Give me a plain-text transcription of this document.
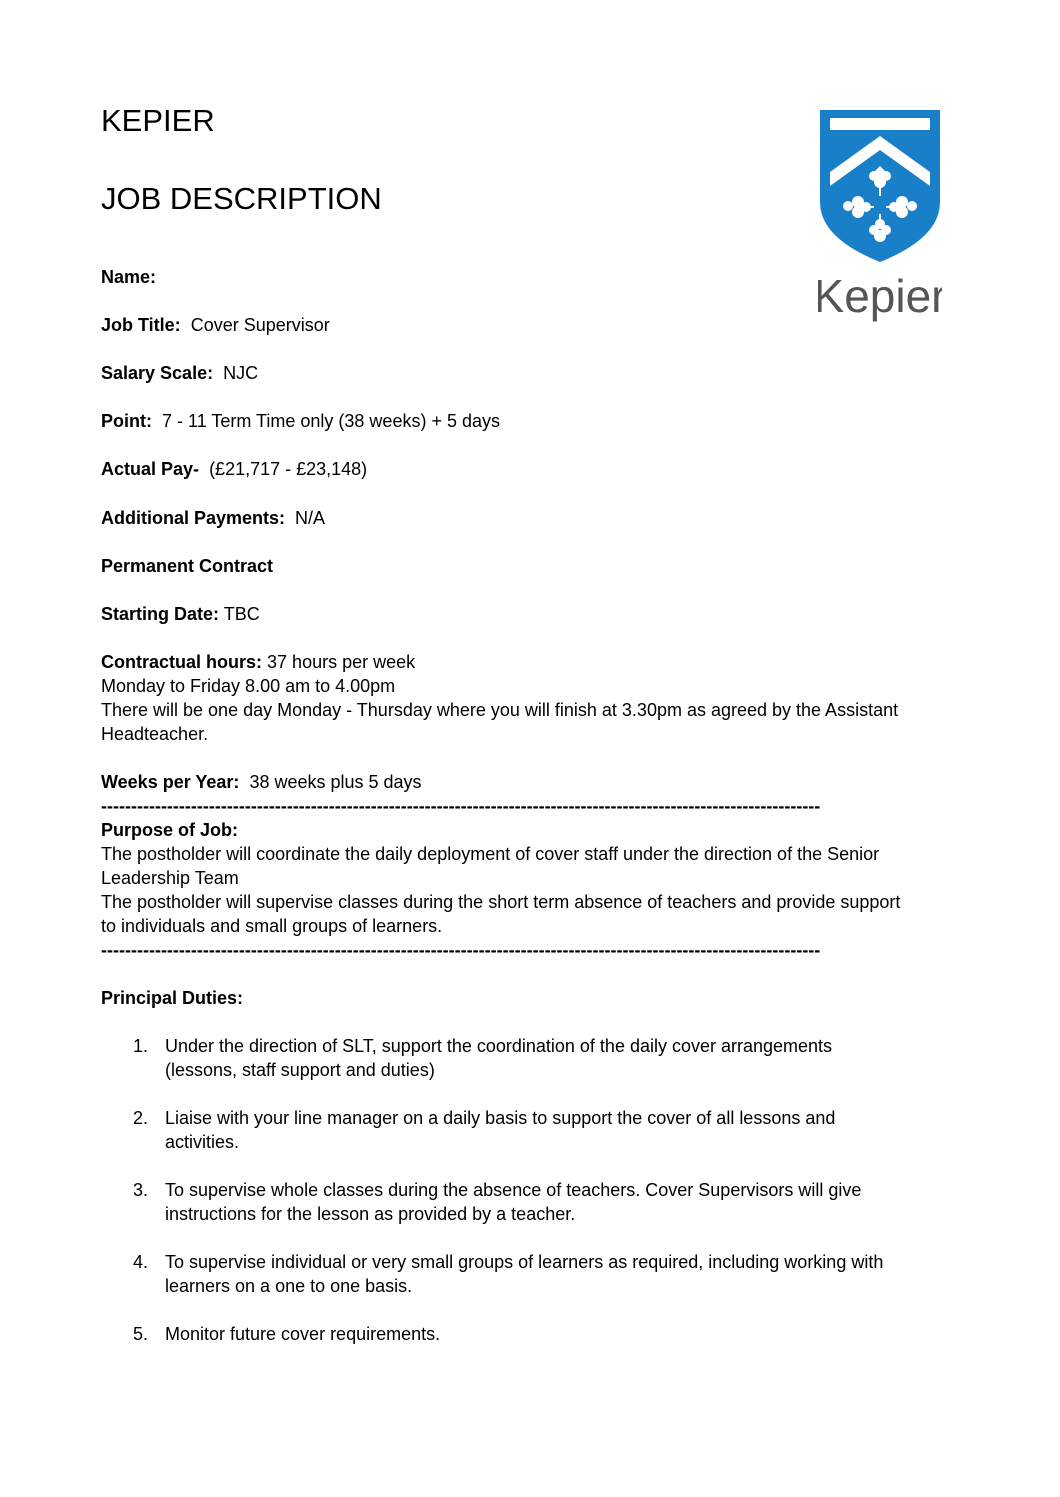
KEPIER
JOB DESCRIPTION
Kepier
Name:
Job Title: Cover Supervisor
Salary Scale: NJC
Point: 7 - 11 Term Time only (38 weeks) + 5 days
Actual Pay- (£21,717 - £23,148)
Additional Payments: N/A
Permanent Contract
Starting Date: TBC
Contractual hours: 37 hours per week
Monday to Friday 8.00 am to 4.00pm
There will be one day Monday - Thursday where you will finish at 3.30pm as agreed by the Assistant
Headteacher.
Weeks per Year: 38 weeks plus 5 days
------------------------------------------------------------------------------------------------------------------------
Purpose of Job:
The postholder will coordinate the daily deployment of cover staff under the direction of the Senior
Leadership Team
The postholder will supervise classes during the short term absence of teachers and provide support
to individuals and small groups of learners.
------------------------------------------------------------------------------------------------------------------------
Principal Duties:
1. Under the direction of SLT, support the coordination of the daily cover arrangements
(lessons, staff support and duties)
2. Liaise with your line manager on a daily basis to support the cover of all lessons and
activities.
3. To supervise whole classes during the absence of teachers. Cover Supervisors will give
instructions for the lesson as provided by a teacher.
4. To supervise individual or very small groups of learners as required, including working with
learners on a one to one basis.
5. Monitor future cover requirements.
